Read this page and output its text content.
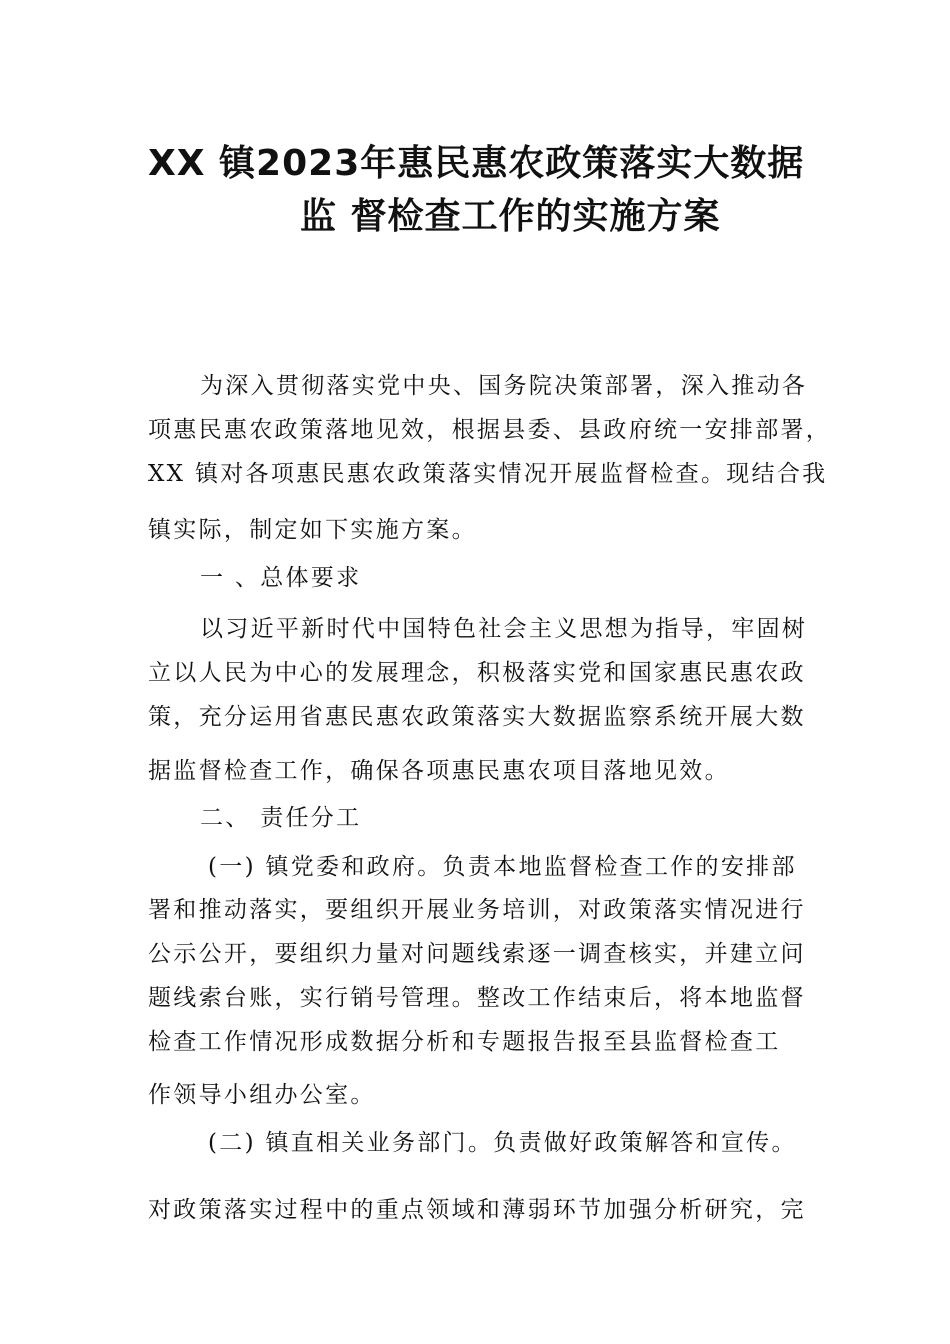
XX 镇2023年惠民惠农政策落实大数据
监 督检查工作的实施方案
为深入贯彻落实党中央、国务院决策部署，深入推动各
项惠民惠农政策落地见效，根据县委、县政府统一安排部署，
XX 镇对各项惠民惠农政策落实情况开展监督检查。现结合我
镇实际，制定如下实施方案。
一 、总体要求
以习近平新时代中国特色社会主义思想为指导，牢固树
立以人民为中心的发展理念，积极落实党和国家惠民惠农政
策，充分运用省惠民惠农政策落实大数据监察系统开展大数
据监督检查工作，确保各项惠民惠农项目落地见效。
二、 责任分工
(一) 镇党委和政府。负责本地监督检查工作的安排部
署和推动落实，要组织开展业务培训，对政策落实情况进行
公示公开，要组织力量对问题线索逐一调查核实，并建立问
题线索台账，实行销号管理。整改工作结束后，将本地监督
检查工作情况形成数据分析和专题报告报至县监督检查工
作领导小组办公室。
(二) 镇直相关业务部门。负责做好政策解答和宣传。
对政策落实过程中的重点领域和薄弱环节加强分析研究，完
